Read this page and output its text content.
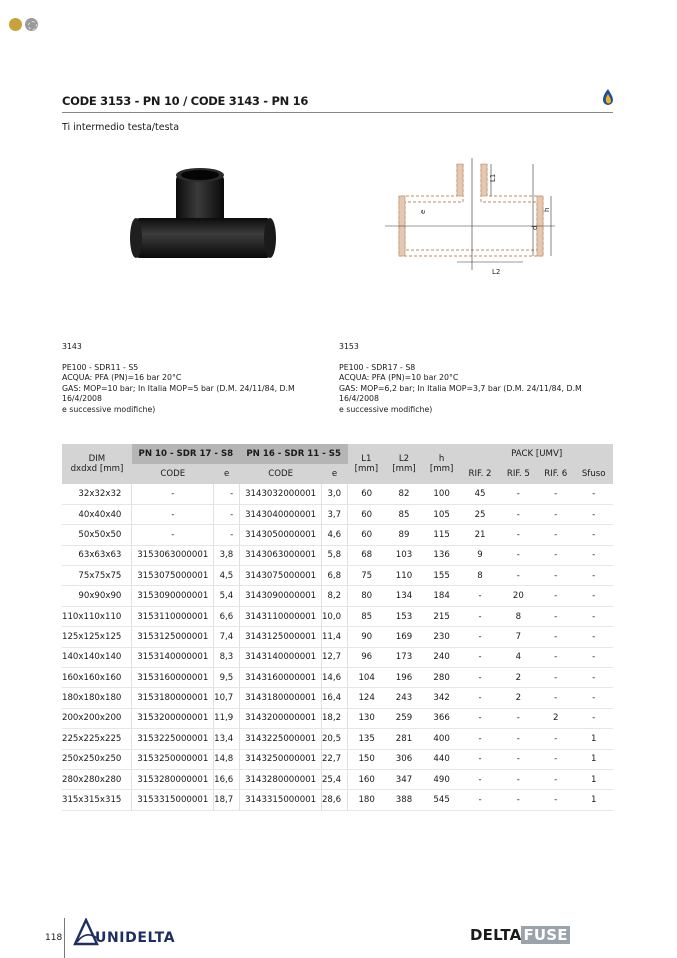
CODE 3153 - PN 10 / CODE 3143 - PN 16
Ti intermedio testa/testa
L1
e
d
h
L2
3143
PE100 - SDR11 - S5
ACQUA: PFA (PN)=16 bar 20°C
GAS: MOP=10 bar; In Italia MOP=5 bar (D.M. 24/11/84, D.M 16/4/2008
e successive modifiche)
3153
PE100 - SDR17 - S8
ACQUA: PFA (PN)=10 bar 20°C
GAS: MOP=6,2 bar; In Italia MOP=3,7 bar (D.M. 24/11/84, D.M 16/4/2008
e successive modifiche)
DIM
dxdxd [mm]	PN 10 - SDR 17 - S8		PN 16 - SDR 11 - S5		L1
[mm]	L2
[mm]	h
[mm]	PACK [UMV]			
	CODE	e	CODE	e				RIF. 2	RIF. 5	RIF. 6	Sfuso
32x32x32	-	-	3143032000001	3,0	60	82	100	45	-	-	-
40x40x40	-	-	3143040000001	3,7	60	85	105	25	-	-	-
50x50x50	-	-	3143050000001	4,6	60	89	115	21	-	-	-
63x63x63	3153063000001	3,8	3143063000001	5,8	68	103	136	9	-	-	-
75x75x75	3153075000001	4,5	3143075000001	6,8	75	110	155	8	-	-	-
90x90x90	3153090000001	5,4	3143090000001	8,2	80	134	184	-	20	-	-
110x110x110	3153110000001	6,6	3143110000001	10,0	85	153	215	-	8	-	-
125x125x125	3153125000001	7,4	3143125000001	11,4	90	169	230	-	7	-	-
140x140x140	3153140000001	8,3	3143140000001	12,7	96	173	240	-	4	-	-
160x160x160	3153160000001	9,5	3143160000001	14,6	104	196	280	-	2	-	-
180x180x180	3153180000001	10,7	3143180000001	16,4	124	243	342	-	2	-	-
200x200x200	3153200000001	11,9	3143200000001	18,2	130	259	366	-	-	2	-
225x225x225	3153225000001	13,4	3143225000001	20,5	135	281	400	-	-	-	1
250x250x250	3153250000001	14,8	3143250000001	22,7	150	306	440	-	-	-	1
280x280x280	3153280000001	16,6	3143280000001	25,4	160	347	490	-	-	-	1
315x315x315	3153315000001	18,7	3143315000001	28,6	180	388	545	-	-	-	1
118 UNIDELTA	DELTA FUSE
